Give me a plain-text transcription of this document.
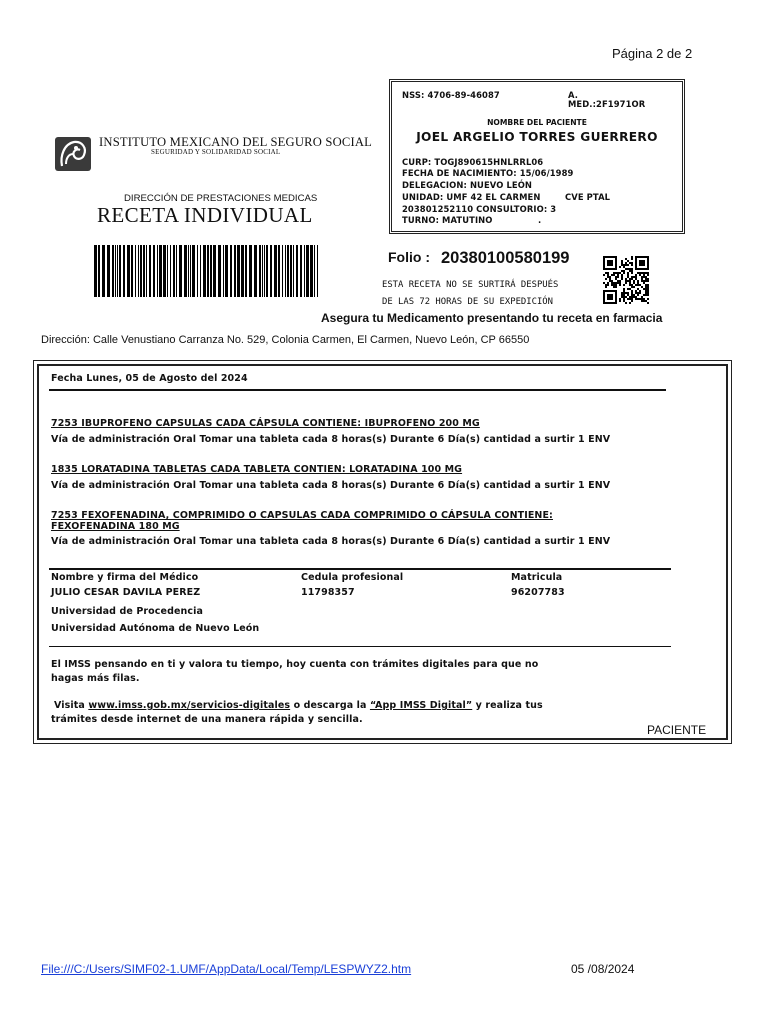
Página 2 de 2
NSS: 4706-89-46087	A.
MED.:2F1971OR
NOMBRE DEL PACIENTE
JOEL ARGELIO TORRES GUERRERO
CURP: TOGJ890615HNLRRL06
FECHA DE NACIMIENTO: 15/06/1989
DELEGACION: NUEVO LEÓN
UNIDAD: UMF 42 EL CARMEN	CVE PTAL
203801252110 CONSULTORIO: 3
TURNO: MATUTINO	.
INSTITUTO MEXICANO DEL SEGURO SOCIAL
SEGURIDAD Y SOLIDARIDAD SOCIAL
DIRECCIÓN DE PRESTACIONES MEDICAS
RECETA INDIVIDUAL
Folio : 20380100580199
ESTA RECETA NO SE SURTIRÁ DESPUÉS
DE LAS 72 HORAS DE SU EXPEDICIÓN
Asegura tu Medicamento presentando tu receta en farmacia
Dirección: Calle Venustiano Carranza No. 529, Colonia Carmen, El Carmen, Nuevo León, CP 66550
Fecha Lunes, 05 de Agosto del 2024
7253 IBUPROFENO CAPSULAS CADA CÁPSULA CONTIENE: IBUPROFENO 200 MG
Vía de administración Oral Tomar una tableta cada 8 horas(s) Durante 6 Día(s) cantidad a surtir 1 ENV
1835 LORATADINA TABLETAS CADA TABLETA CONTIEN: LORATADINA 100 MG
Vía de administración Oral Tomar una tableta cada 8 horas(s) Durante 6 Día(s) cantidad a surtir 1 ENV
7253 FEXOFENADINA, COMPRIMIDO O CAPSULAS CADA COMPRIMIDO O CÁPSULA CONTIENE:
FEXOFENADINA 180 MG
Vía de administración Oral Tomar una tableta cada 8 horas(s) Durante 6 Día(s) cantidad a surtir 1 ENV
Nombre y firma del Médico	Cedula profesional	Matricula
JULIO CESAR DAVILA PEREZ	11798357	96207783
Universidad de Procedencia
Universidad Autónoma de Nuevo León
El IMSS pensando en ti y valora tu tiempo, hoy cuenta con trámites digitales para que no
hagas más filas.
Visita www.imss.gob.mx/servicios-digitales o descarga la “App IMSS Digital” y realiza tus
trámites desde internet de una manera rápida y sencilla.
PACIENTE
File:///C:/Users/SIMF02-1.UMF/AppData/Local/Temp/LESPWYZ2.htm	05 /08/2024
